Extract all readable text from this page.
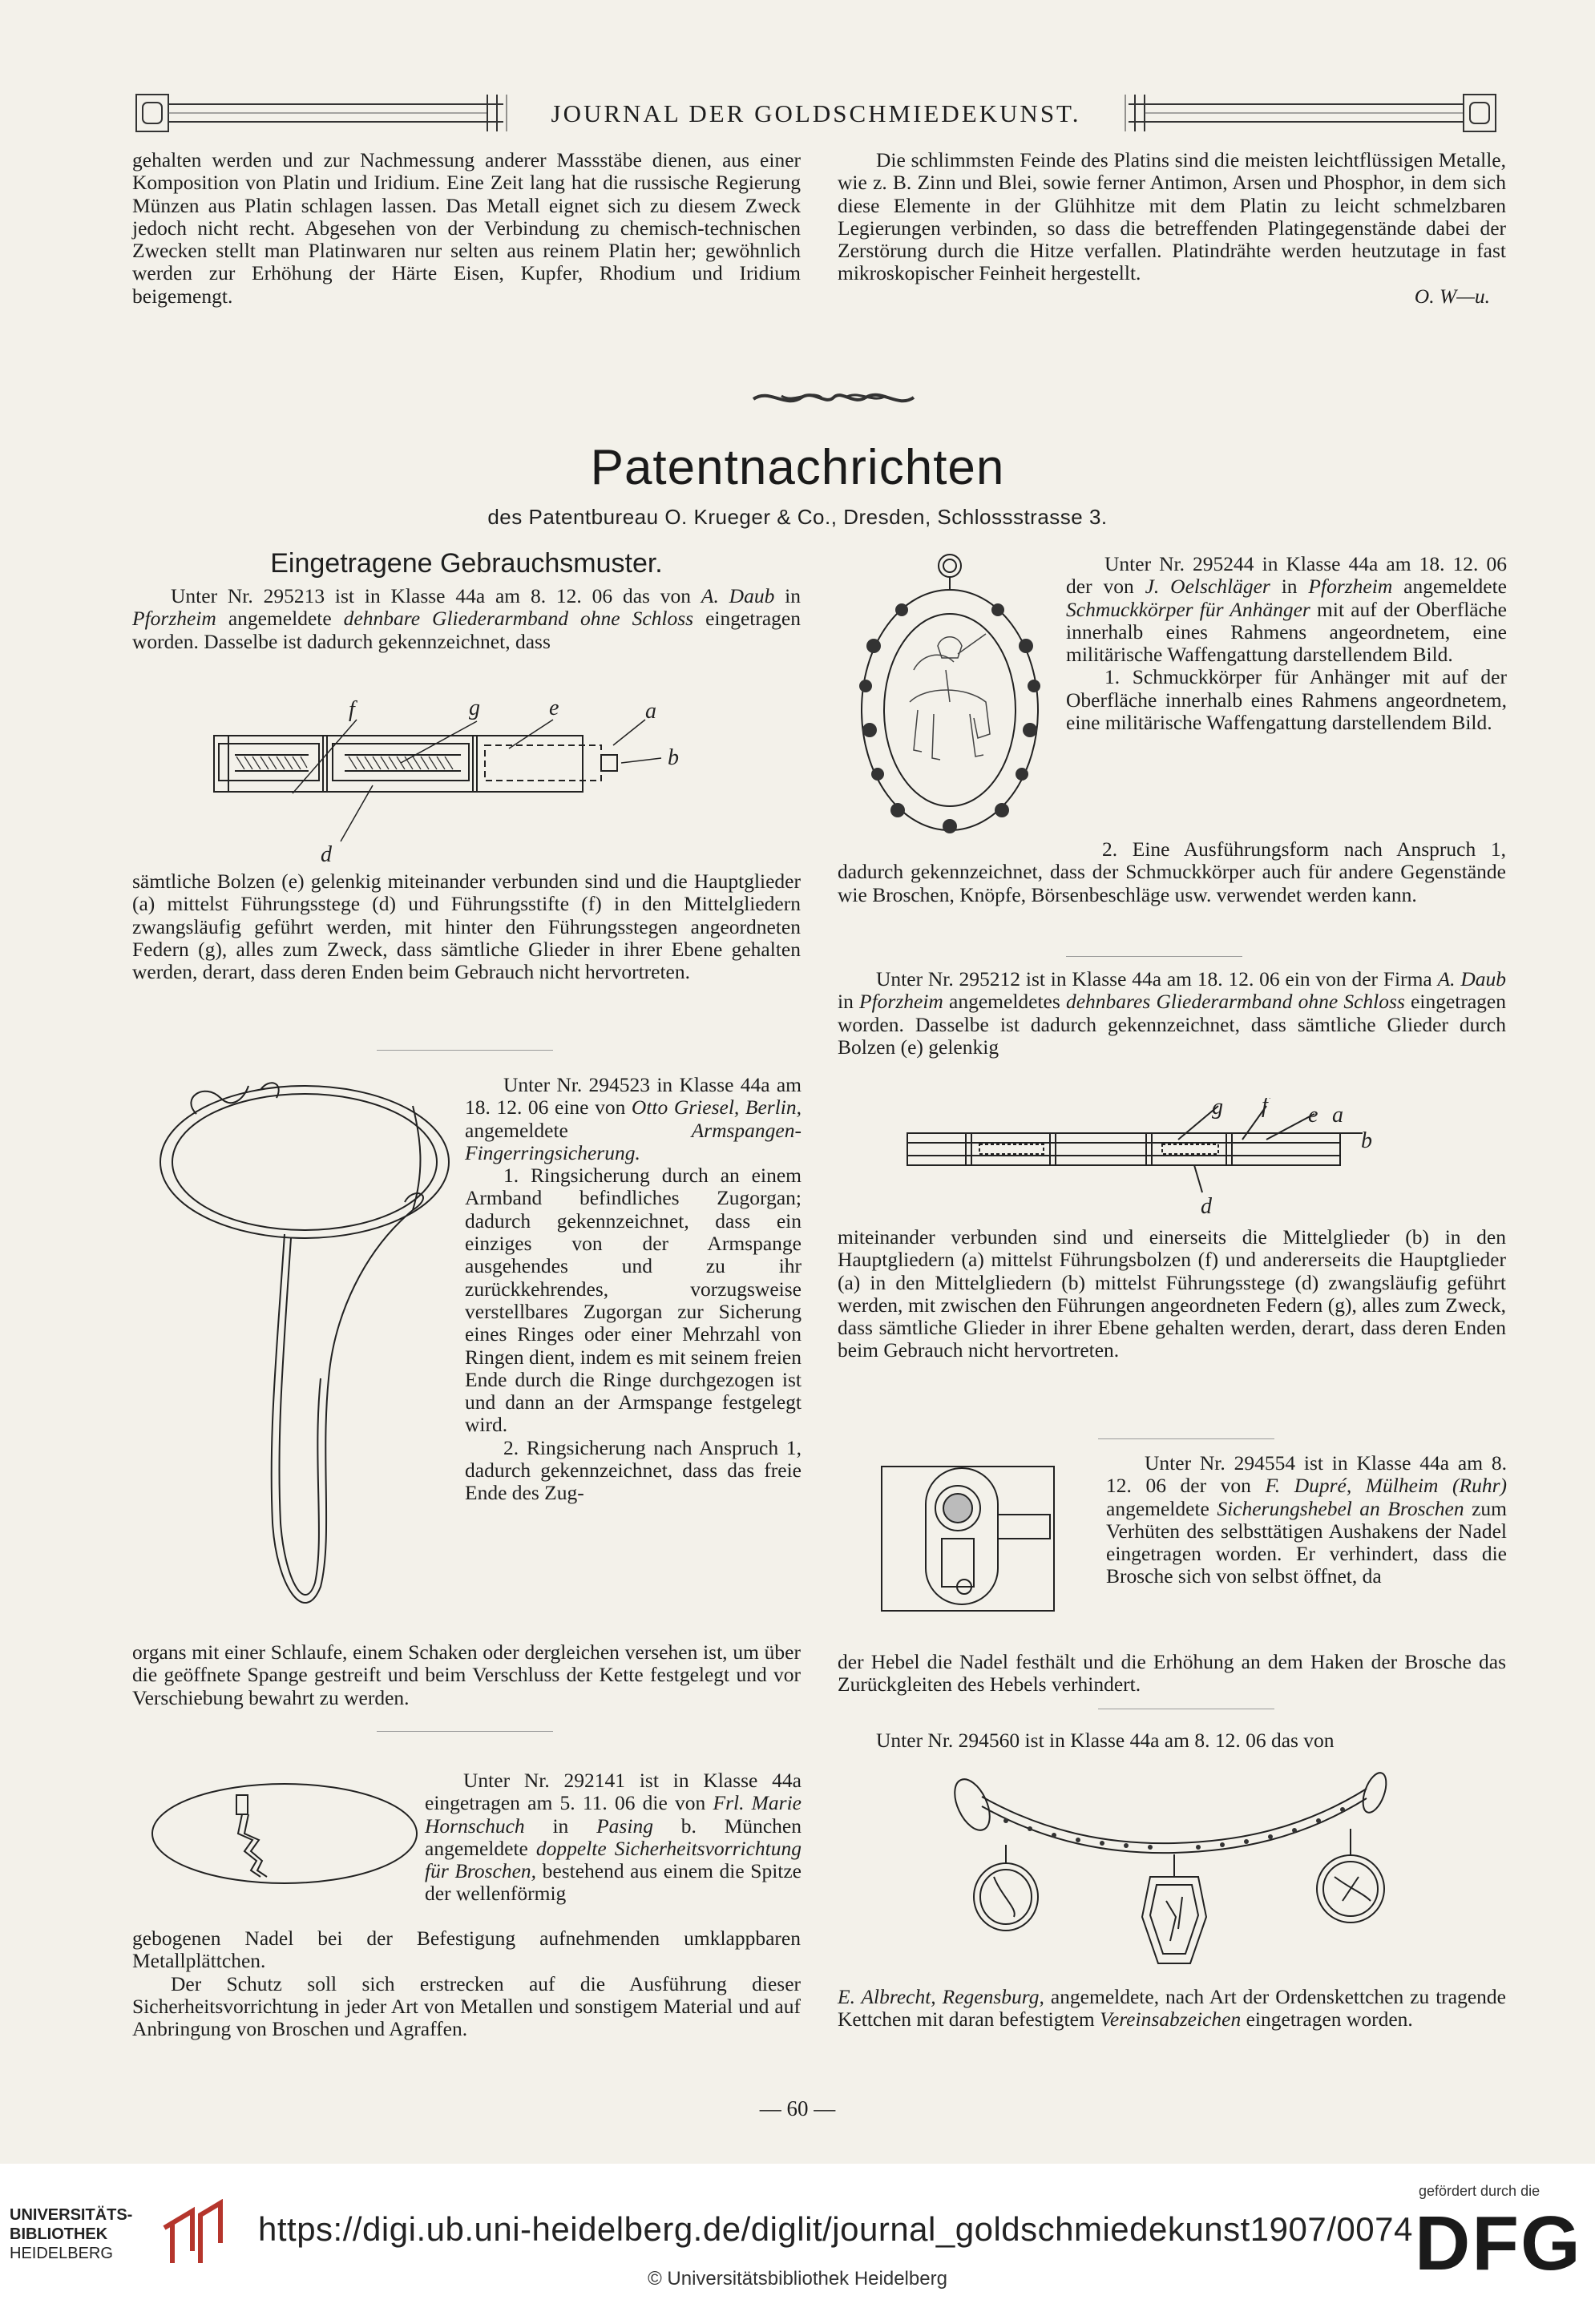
JOURNAL DER GOLDSCHMIEDEKUNST.

gehalten werden und zur Nachmessung anderer Massstäbe dienen, aus einer Komposition von Platin und Iridium. Eine Zeit lang hat die russische Regierung Münzen aus Platin schlagen lassen. Das Metall eignet sich zu diesem Zweck jedoch nicht recht. Abgesehen von der Verbindung zu chemisch-technischen Zwecken stellt man Platinwaren nur selten aus reinem Platin her; gewöhnlich werden zur Erhöhung der Härte Eisen, Kupfer, Rhodium und Iridium beigemengt.

Die schlimmsten Feinde des Platins sind die meisten leichtflüssigen Metalle, wie z. B. Zinn und Blei, sowie ferner Antimon, Arsen und Phosphor, in dem sich diese Elemente in der Glühhitze mit dem Platin zu leicht schmelzbaren Legierungen verbinden, so dass die betreffenden Platingegenstände dabei der Zerstörung durch die Hitze verfallen. Platindrähte werden heutzutage in fast mikroskopischer Feinheit hergestellt.

O. W—u.

Patentnachrichten
des Patentbureau O. Krueger & Co., Dresden, Schlossstrasse 3.
Eingetragene Gebrauchsmuster.

Unter Nr. 295213 ist in Klasse 44a am 8. 12. 06 das von A. Daub in Pforzheim angemeldete dehnbare Gliederarmband ohne Schloss eingetragen worden. Dasselbe ist dadurch gekennzeichnet, dass

f	g	e	a
b
d

sämtliche Bolzen (e) gelenkig miteinander verbunden sind und die Hauptglieder (a) mittelst Führungsstege (d) und Führungsstifte (f) in den Mittelgliedern zwangsläufig geführt werden, mit hinter den Führungsstegen angeordneten Federn (g), alles zum Zweck, dass sämtliche Glieder in ihrer Ebene gehalten werden, derart, dass deren Enden beim Gebrauch nicht hervortreten.

Unter Nr. 294523 in Klasse 44a am 18. 12. 06 eine von Otto Griesel, Berlin, angemeldete Armspangen-Fingerringsicherung.

1. Ringsicherung durch an einem Armband befindliches Zugorgan; dadurch gekennzeichnet, dass ein einziges von der Armspange ausgehendes und zu ihr zurückkehrendes, vorzugsweise verstellbares Zugorgan zur Sicherung eines Ringes oder einer Mehrzahl von Ringen dient, indem es mit seinem freien Ende durch die Ringe durchgezogen ist und dann an der Armspange festgelegt wird.

2. Ringsicherung nach Anspruch 1, dadurch gekennzeichnet, dass das freie Ende des Zug-

organs mit einer Schlaufe, einem Schaken oder dergleichen versehen ist, um über die geöffnete Spange gestreift und beim Verschluss der Kette festgelegt und vor Verschiebung bewahrt zu werden.

Unter Nr. 292141 ist in Klasse 44a eingetragen am 5. 11. 06 die von Frl. Marie Hornschuch in Pasing b. München angemeldete doppelte Sicherheitsvorrichtung für Broschen, bestehend aus einem die Spitze der wellenförmig

gebogenen Nadel bei der Befestigung aufnehmenden umklappbaren Metallplättchen.

Der Schutz soll sich erstrecken auf die Ausführung dieser Sicherheitsvorrichtung in jeder Art von Metallen und sonstigem Material und auf Anbringung von Broschen und Agraffen.

Unter Nr. 295244 in Klasse 44a am 18. 12. 06 der von J. Oelschläger in Pforzheim angemeldete Schmuckkörper für Anhänger mit auf der Oberfläche innerhalb eines Rahmens angeordnetem, eine militärische Waffengattung darstellendem Bild.

1. Schmuckkörper für Anhänger mit auf der Oberfläche innerhalb eines Rahmens angeordnetem, eine militärische Waffengattung darstellendem Bild.

2. Eine Ausführungsform nach Anspruch 1, dadurch gekennzeichnet, dass der Schmuckkörper auch für andere Gegenstände wie Broschen, Knöpfe, Börsenbeschläge usw. verwendet werden kann.

Unter Nr. 295212 ist in Klasse 44a am 18. 12. 06 ein von der Firma A. Daub in Pforzheim angemeldetes dehnbares Gliederarmband ohne Schloss eingetragen worden. Dasselbe ist dadurch gekennzeichnet, dass sämtliche Glieder durch Bolzen (e) gelenkig

g f e a
b
d

miteinander verbunden sind und einerseits die Mittelglieder (b) in den Hauptgliedern (a) mittelst Führungsbolzen (f) und andererseits die Hauptglieder (a) in den Mittelgliedern (b) mittelst Führungsstege (d) zwangsläufig geführt werden, mit zwischen den Führungen angeordneten Federn (g), alles zum Zweck, dass sämtliche Glieder in ihrer Ebene gehalten werden, derart, dass deren Enden beim Gebrauch nicht hervortreten.

Unter Nr. 294554 ist in Klasse 44a am 8. 12. 06 der von F. Dupré, Mülheim (Ruhr) angemeldete Sicherungshebel an Broschen zum Verhüten des selbsttätigen Aushakens der Nadel eingetragen worden. Er verhindert, dass die Brosche sich von selbst öffnet, da

der Hebel die Nadel festhält und die Erhöhung an dem Haken der Brosche das Zurückgleiten des Hebels verhindert.

Unter Nr. 294560 ist in Klasse 44a am 8. 12. 06 das von

E. Albrecht, Regensburg, angemeldete, nach Art der Ordenskettchen zu tragende Kettchen mit daran befestigtem Vereinsabzeichen eingetragen worden.

— 60 —
UNIVERSITÄTS-
BIBLIOTHEK
HEIDELBERG
https://digi.ub.uni-heidelberg.de/diglit/journal_goldschmiedekunst1907/0074
© Universitätsbibliothek Heidelberg
gefördert durch die
DFG
